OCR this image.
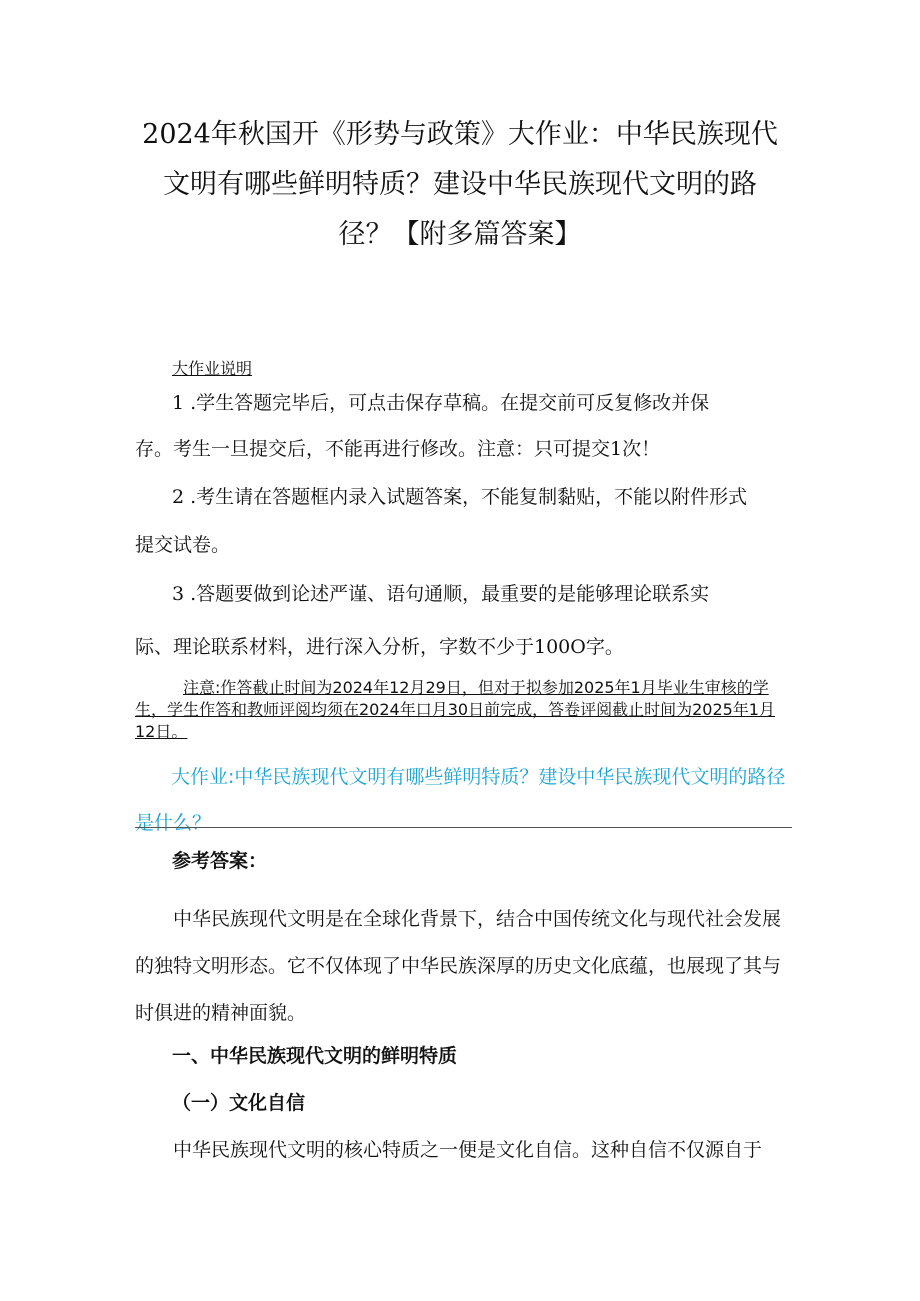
2024年秋国开《形势与政策》大作业：中华民族现代
文明有哪些鲜明特质？建设中华民族现代文明的路
径？【附多篇答案】

大作业说明

1 .学生答题完毕后，可点击保存草稿。在提交前可反复修改并保

存。考生一旦提交后，不能再进行修改。注意：只可提交1次！

2 .考生请在答题框内录入试题答案，不能复制黏贴，不能以附件形式

提交试卷。

3 .答题要做到论述严谨、语句通顺，最重要的是能够理论联系实

际、理论联系材料，进行深入分析，字数不少于100O字。

注意:作答截止时间为2024年12月29日，但对于拟参加2025年1月毕业生审核的学生，学生作答和教师评阅均须在2024年口月30日前完成，答卷评阅截止时间为2025年1月12日。

大作业:中华民族现代文明有哪些鲜明特质？建设中华民族现代文明的路径是什么？

参考答案：

中华民族现代文明是在全球化背景下，结合中国传统文化与现代社会发展的独特文明形态。它不仅体现了中华民族深厚的历史文化底蕴，也展现了其与时俱进的精神面貌。

一、中华民族现代文明的鲜明特质

（一）文化自信

中华民族现代文明的核心特质之一便是文化自信。这种自信不仅源自于
